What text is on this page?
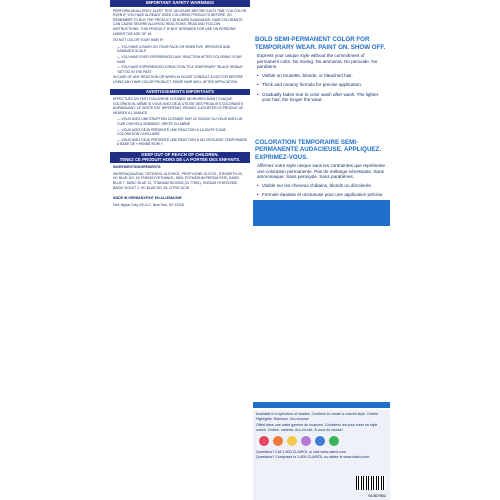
IMPORTANT SAFETY WARNINGS

PERFORM AN ALLERGY ALERT TEST 48 HOURS BEFORE EACH TIME YOU COLOR EVEN IF YOU HAVE ALREADY USED COLORING PRODUCTS BEFORE. SO REMEMBER TO BUY THE PRODUCT 48 HOURS IN ADVANCE. HAIR COLORANTS CAN CAUSE SEVERE ALLERGIC REACTIONS. READ AND FOLLOW INSTRUCTIONS. THIS PRODUCT IS NOT INTENDED FOR USE ON PERSONS UNDER THE AGE OF 16.

DO NOT COLOR YOUR HAIR IF:

— YOU HAVE A RASH ON YOUR FACE OR SENSITIVE, IRRITATED AND DAMAGED SCALP
— YOU HAVE EVER EXPERIENCED ANY REACTION AFTER COLORING YOUR HAIR
— YOU HAVE EXPERIENCED A REACTION TO A TEMPORARY "BLACK HENNA" TATTOO IN THE PAST

IN CASE OF ANY REACTION OR WHEN IN DOUBT CONSULT A DOCTOR BEFORE USING ANY HAIR COLOR PRODUCT. RINSE HAIR WELL AFTER APPLICATION.

AVERTISSEMENTS IMPORTANTS

EFFECTUEZ UN TEST D'ALLERGIE CUTANÉE 48 HEURES AVANT CHAQUE COLORATION, MÊME SI VOUS AVEZ DÉJÀ UTILISÉ DES PRODUITS COLORANTS AUPARAVANT. LE GESTE EST IMPORTANT. PENSEZ À ACHETER LE PRODUIT 48 HEURES À L'AVANCE.

— VOUS AVEZ UNE ÉRUPTION CUTANÉE SUR LE VISAGE OU VOUS AVEZ UN CUIR CHEVELU SENSIBLE, IRRITÉ OU ABÎMÉ
— VOUS AVEZ DÉJÀ PRÉSENTÉ UNE RÉACTION À LA SUITE D'UNE COLORATION CAPILLAIRE
— VOUS AVEZ DÉJÀ PRÉSENTÉ UNE RÉACTION À UN TATOUAGE TEMPORAIRE À BASE DE « HENNÉ NOIR »
KEEP OUT OF REACH OF CHILDREN.
TENEZ CE PRODUIT HORS DE LA PORTÉE DES ENFANTS.

INGREDIENTS/INGRÉDIENTS:

WATER/AQUA/EAU, CETEARYL ALCOHOL, PROPYLENE GLYCOL, STEARETH-20, HC BLUE NO. 15, PHENOXYETHANOL, MEA, POTASSIUM PERSULFATE, BASIC BLUE 7, BASIC BLUE 12, TITANIUM DIOXIDE (CI 77891), SODIUM HYDROXIDE, BASIC VIOLET 2, HC BLUE NO. 15, CITRIC ACID

MADE IN GERMANY/FAIT EN ALLEMAGNE

Dist. by/par Coty US LLC, New York, NY 10118

BOLD SEMI-PERMANENT COLOR FOR TEMPORARY WEAR. PAINT ON. SHOW OFF.

Express your unique style without the commitment of permanent color. No mixing. No ammonia. No peroxide. No parabens.

• Visible on brunette, blonde, or bleached hair.
• Thick and creamy formula for precise application.
• Gradually fades true to color wash after wash. The lighter your hair, the longer the wear.
COLORATION TEMPORAIRE SEMI-PERMANENTE AUDACIEUSE. APPLIQUEZ. EXPRIMEZ-VOUS.

Affirmez votre style unique sans les contraintes que représente une coloration permanente. Pas de mélange nécessaire. Sans ammoniaque. Sans peroxyde. Sans parabènes.

• Visible sur les cheveux châtains, blonds ou décolorés.
• Formule épaisse et onctueuse pour une application précise.
•
Available in a spectrum of shades. Combine to create a colorful style. Ombré. Highlights. Rainbow. You choose!
Offert dans une vaste gamme de nuances. Combinez les pour créer un style coloré. Ombré. mèches. Arc-en-ciel. À vous de choisir!
Questions? Call 1-800-CLAIROL or visit www.clairol.com
Questions? Composez le 1-800-CLAIROL ou visitez le www.clairol.com
91367951
